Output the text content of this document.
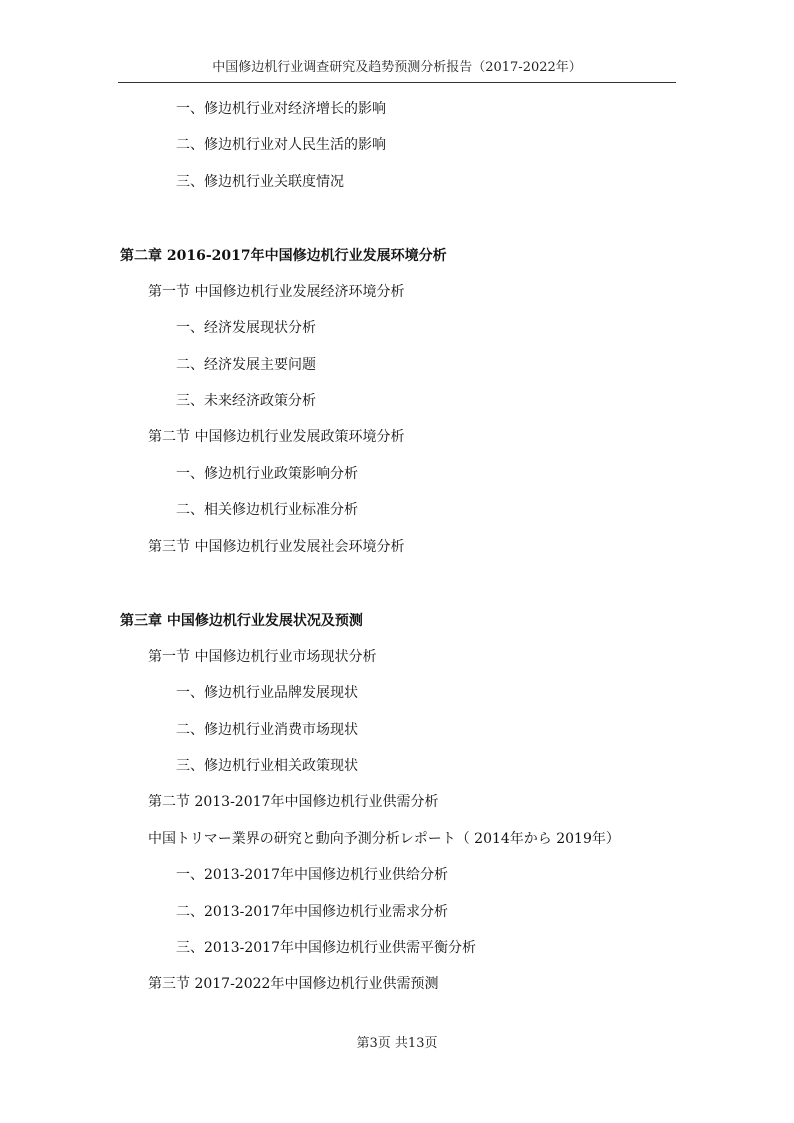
中国修边机行业调查研究及趋势预测分析报告（2017-2022年）
一、修边机行业对经济增长的影响
二、修边机行业对人民生活的影响
三、修边机行业关联度情况
第二章 2016-2017年中国修边机行业发展环境分析
第一节 中国修边机行业发展经济环境分析
一、经济发展现状分析
二、经济发展主要问题
三、未来经济政策分析
第二节 中国修边机行业发展政策环境分析
一、修边机行业政策影响分析
二、相关修边机行业标准分析
第三节 中国修边机行业发展社会环境分析
第三章 中国修边机行业发展状况及预测
第一节 中国修边机行业市场现状分析
一、修边机行业品牌发展现状
二、修边机行业消费市场现状
三、修边机行业相关政策现状
第二节 2013-2017年中国修边机行业供需分析
中国トリマー業界の研究と動向予測分析レポート（ 2014年から 2019年）
一、2013-2017年中国修边机行业供给分析
二、2013-2017年中国修边机行业需求分析
三、2013-2017年中国修边机行业供需平衡分析
第三节 2017-2022年中国修边机行业供需预测
第3页 共13页
